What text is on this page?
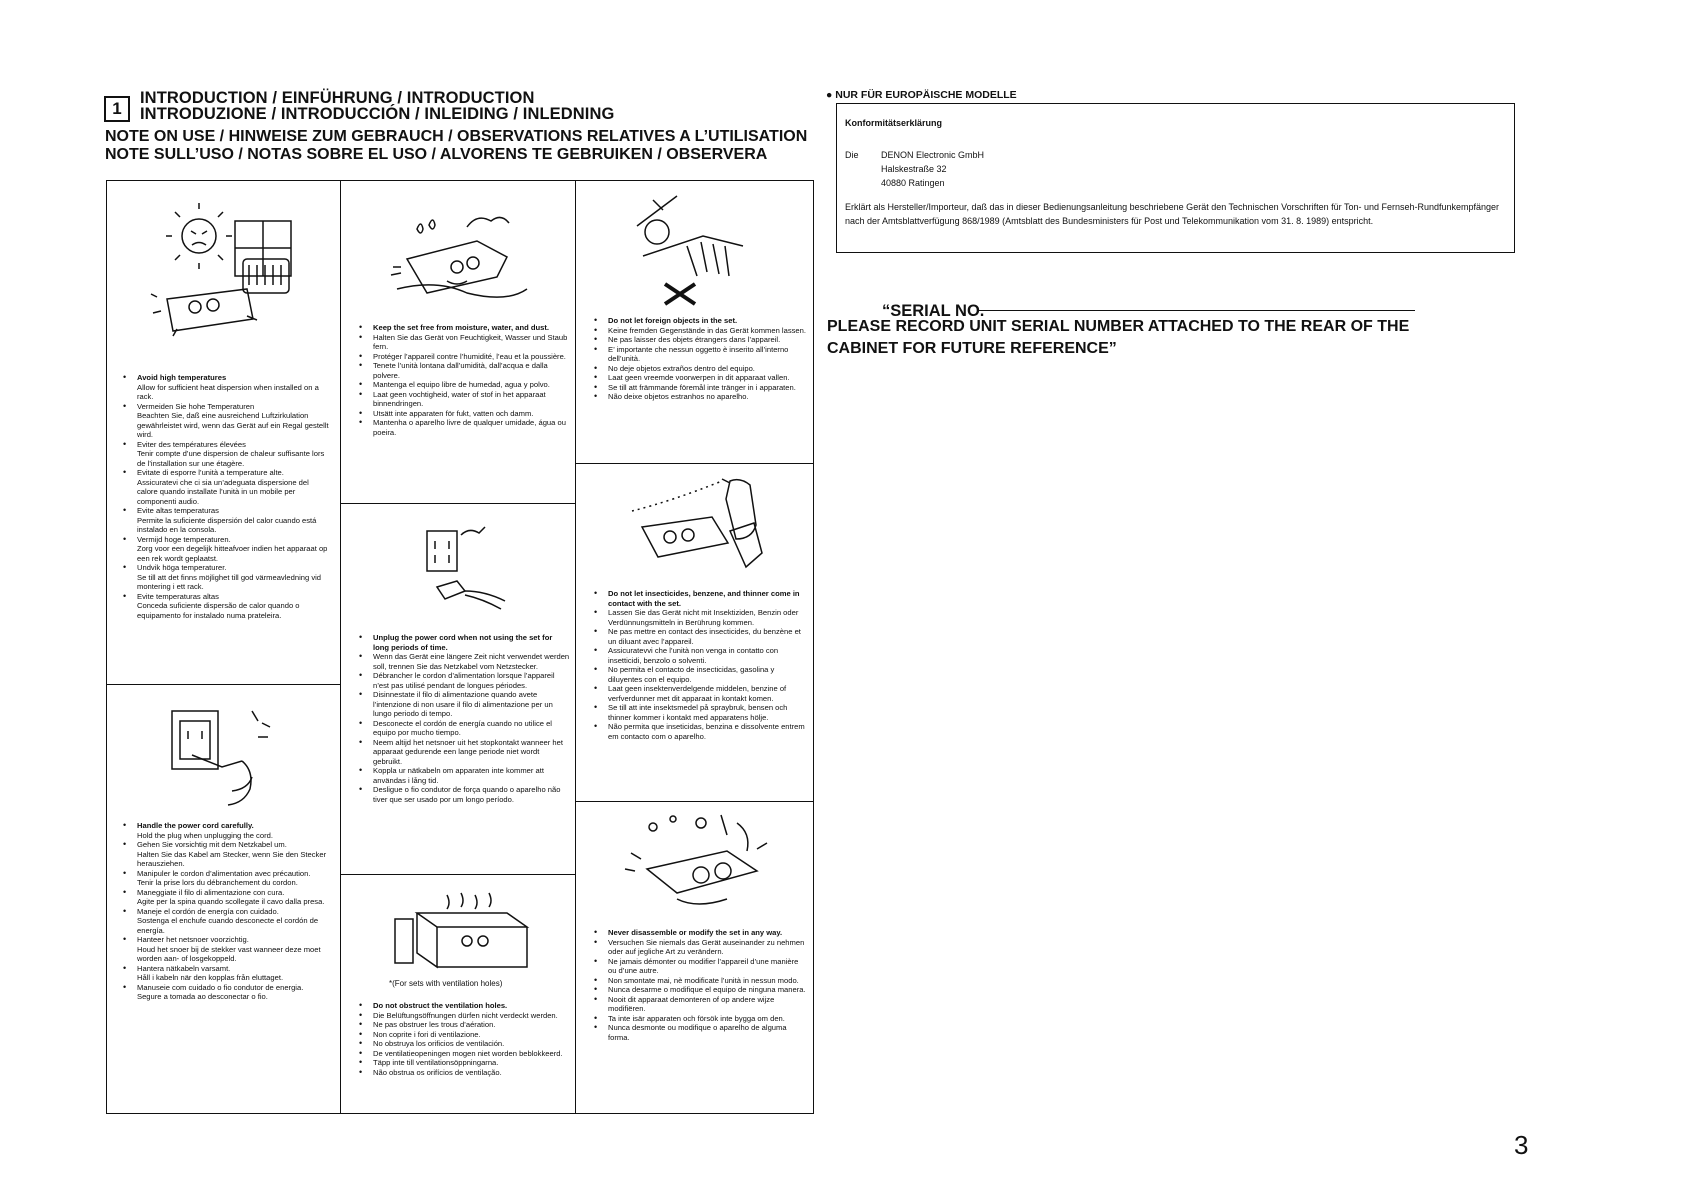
1
INTRODUCTION / EINFÜHRUNG / INTRODUCTION
INTRODUZIONE / INTRODUCCIÓN / INLEIDING / INLEDNING
NOTE ON USE / HINWEISE ZUM GEBRAUCH / OBSERVATIONS RELATIVES A L’UTILISATION
NOTE SULL’USO / NOTAS SOBRE EL USO / ALVORENS TE GEBRUIKEN / OBSERVERA
• Avoid high temperatures
Allow for sufficient heat dispersion when installed on a rack.
• Vermeiden Sie hohe Temperaturen
Beachten Sie, daß eine ausreichend Luftzirkulation gewährleistet wird, wenn das Gerät auf ein Regal gestellt wird.
• Eviter des températures élevées
Tenir compte d’une dispersion de chaleur suffisante lors de l’installation sur une étagère.
• Evitate di esporre l’unità a temperature alte.
Assicuratevi che ci sia un’adeguata dispersione del calore quando installate l’unità in un mobile per componenti audio.
• Evite altas temperaturas
Permite la suficiente dispersión del calor cuando está instalado en la consola.
• Vermijd hoge temperaturen.
Zorg voor een degelijk hitteafvoer indien het apparaat op een rek wordt geplaatst.
• Undvik höga temperaturer.
Se till att det finns möjlighet till god värmeavledning vid montering i ett rack.
• Evite temperaturas altas
Conceda suficiente dispersão de calor quando o equipamento for instalado numa prateleira.
• Handle the power cord carefully.
Hold the plug when unplugging the cord.
• Gehen Sie vorsichtig mit dem Netzkabel um.
Halten Sie das Kabel am Stecker, wenn Sie den Stecker herausziehen.
• Manipuler le cordon d’alimentation avec précaution.
Tenir la prise lors du débranchement du cordon.
• Maneggiate il filo di alimentazione con cura.
Agite per la spina quando scollegate il cavo dalla presa.
• Maneje el cordón de energía con cuidado.
Sostenga el enchufe cuando desconecte el cordón de energía.
• Hanteer het netsnoer voorzichtig.
Houd het snoer bij de stekker vast wanneer deze moet worden aan- of losgekoppeld.
• Hantera nätkabeln varsamt.
Håll i kabeln när den kopplas från eluttaget.
• Manuseie com cuidado o fio condutor de energia.
Segure a tomada ao desconectar o fio.
• Keep the set free from moisture, water, and dust.
• Halten Sie das Gerät von Feuchtigkeit, Wasser und Staub fern.
• Protéger l’appareil contre l’humidité, l’eau et la poussière.
• Tenete l’unità lontana dall’umidità, dall’acqua e dalla polvere.
• Mantenga el equipo libre de humedad, agua y polvo.
• Laat geen vochtigheid, water of stof in het apparaat binnendringen.
• Utsätt inte apparaten för fukt, vatten och damm.
• Mantenha o aparelho livre de qualquer umidade, água ou poeira.
• Unplug the power cord when not using the set for long periods of time.
• Wenn das Gerät eine längere Zeit nicht verwendet werden soll, trennen Sie das Netzkabel vom Netzstecker.
• Débrancher le cordon d’alimentation lorsque l’appareil n’est pas utilisé pendant de longues périodes.
• Disinnestate il filo di alimentazione quando avete l’intenzione di non usare il filo di alimentazione per un lungo periodo di tempo.
• Desconecte el cordón de energía cuando no utilice el equipo por mucho tiempo.
• Neem altijd het netsnoer uit het stopkontakt wanneer het apparaat gedurende een lange periode niet wordt gebruikt.
• Koppla ur nätkabeln om apparaten inte kommer att användas i lång tid.
• Desligue o fio condutor de força quando o aparelho não tiver que ser usado por um longo período.
*(For sets with ventilation holes)
• Do not obstruct the ventilation holes.
• Die Belüftungsöffnungen dürfen nicht verdeckt werden.
• Ne pas obstruer les trous d’aération.
• Non coprite i fori di ventilazione.
• No obstruya los orificios de ventilación.
• De ventilatieopeningen mogen niet worden beblokkeerd.
• Täpp inte till ventilationsöppningarna.
• Não obstrua os orifícios de ventilação.
• Do not let foreign objects in the set.
• Keine fremden Gegenstände in das Gerät kommen lassen.
• Ne pas laisser des objets étrangers dans l’appareil.
• E’ importante che nessun oggetto è inserito all’interno dell’unità.
• No deje objetos extraños dentro del equipo.
• Laat geen vreemde voorwerpen in dit apparaat vallen.
• Se till att främmande föremål inte tränger in i apparaten.
• Não deixe objetos estranhos no aparelho.
• Do not let insecticides, benzene, and thinner come in contact with the set.
• Lassen Sie das Gerät nicht mit Insektiziden, Benzin oder Verdünnungsmitteln in Berührung kommen.
• Ne pas mettre en contact des insecticides, du benzène et un diluant avec l’appareil.
• Assicuratevvi che l’unità non venga in contatto con insetticidi, benzolo o solventi.
• No permita el contacto de insecticidas, gasolina y diluyentes con el equipo.
• Laat geen insektenverdelgende middelen, benzine of verfverdunner met dit apparaat in kontakt komen.
• Se till att inte insektsmedel på spraybruk, bensen och thinner kommer i kontakt med apparatens hölje.
• Não permita que inseticidas, benzina e dissolvente entrem em contacto com o aparelho.
• Never disassemble or modify the set in any way.
• Versuchen Sie niemals das Gerät auseinander zu nehmen oder auf jegliche Art zu verändern.
• Ne jamais démonter ou modifier l’appareil d’une manière ou d’une autre.
• Non smontate mai, nè modificate l’unità in nessun modo.
• Nunca desarme o modifique el equipo de ninguna manera.
• Nooit dit apparaat demonteren of op andere wijze modifiëren.
• Ta inte isär apparaten och försök inte bygga om den.
• Nunca desmonte ou modifique o aparelho de alguma forma.
● NUR FÜR EUROPÄISCHE MODELLE
Konformitätserklärung
Die DENON Electronic GmbH
Halskestraße 32
40880 Ratingen
Erklärt als Hersteller/Importeur, daß das in dieser Bedienungsanleitung beschriebene Gerät den Technischen Vorschriften für Ton- und Fernseh-Rundfunkempfänger nach der Amtsblattverfügung 868/1989 (Amtsblatt des Bundesministers für Post und Telekommunikation vom 31. 8. 1989) entspricht.
“SERIAL NO.
PLEASE RECORD UNIT SERIAL NUMBER ATTACHED TO THE REAR OF THE
CABINET FOR FUTURE REFERENCE”
3
